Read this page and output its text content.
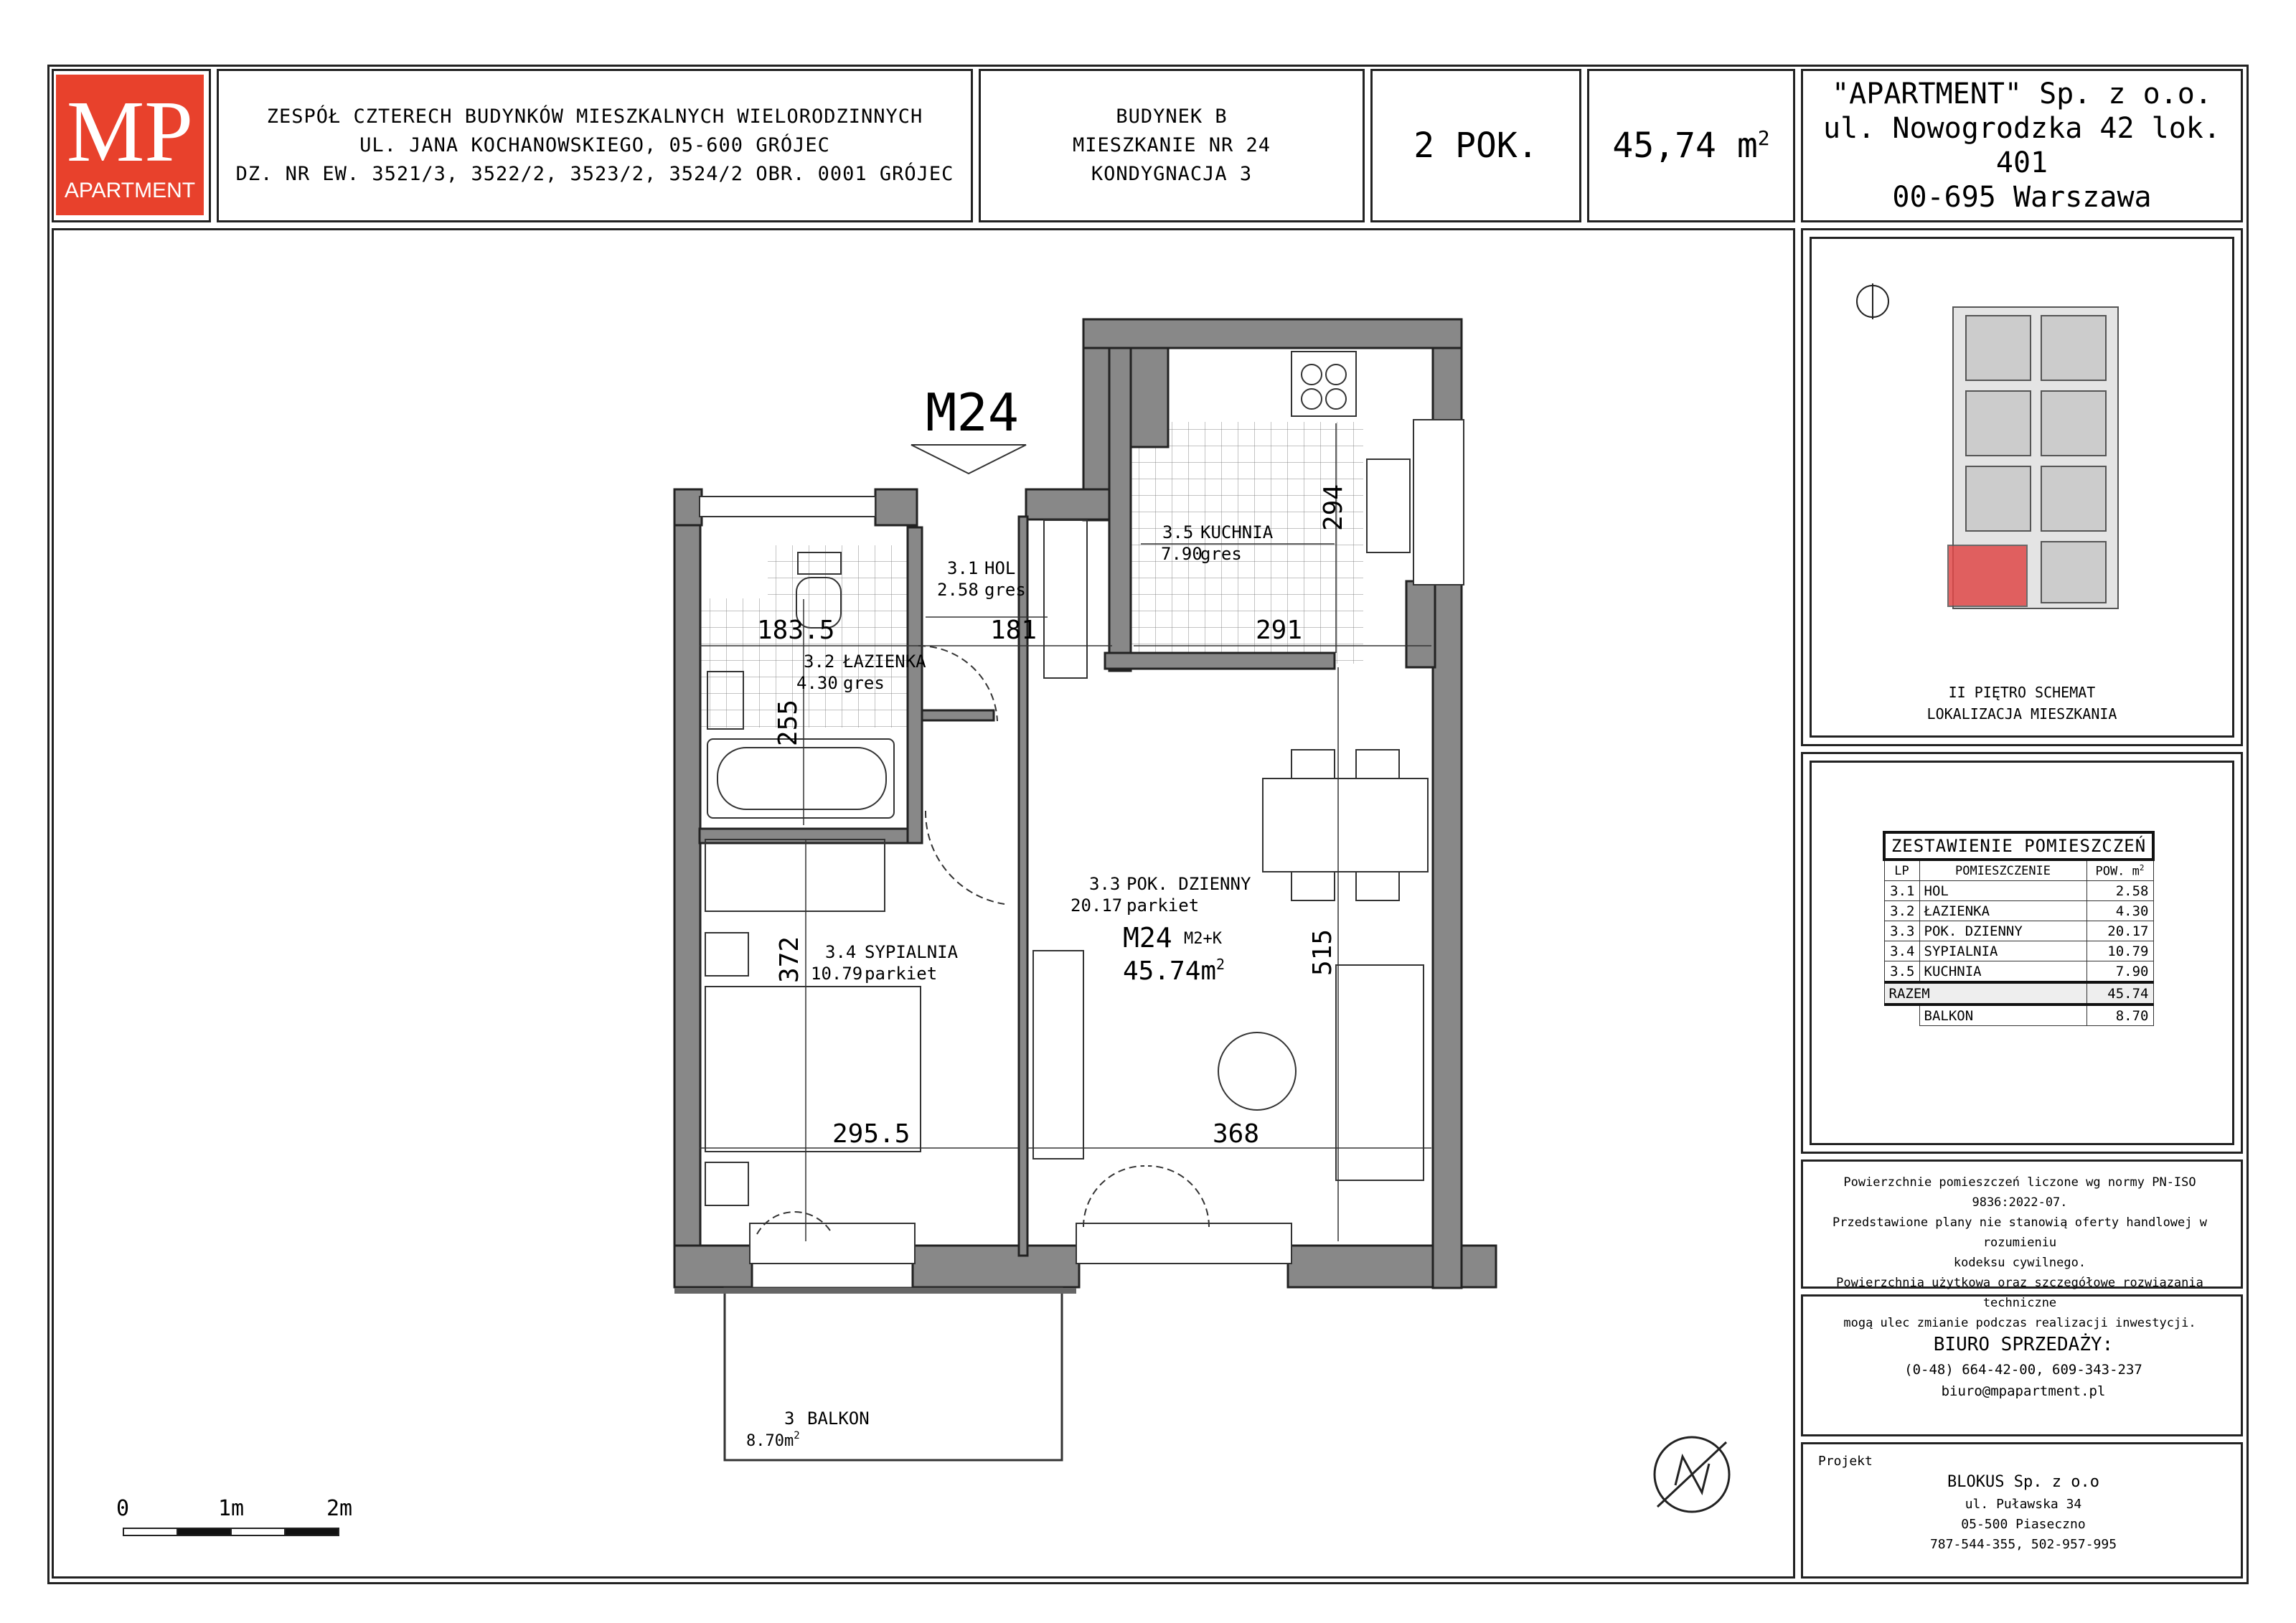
MP
APARTMENT
ZESPÓŁ CZTERECH BUDYNKÓW MIESZKALNYCH WIELORODZINNYCH
UL. JANA KOCHANOWSKIEGO, 05-600 GRÓJEC
DZ. NR EW. 3521/3, 3522/2, 3523/2, 3524/2 OBR. 0001 GRÓJEC
BUDYNEK B
MIESZKANIE NR 24
KONDYGNACJA 3
2 POK. 45,74 $m^2$
"APARTMENT" Sp. z o.o.
ul. Nowogrodzka 42 lok. 401
00-695 Warszawa
M24
3.1 HOL
2.58 gres
3.2 ŁAZIENKA
4.30 gres
3.3 POK. DZIENNY
20.17 parkiet
3.4 SYPIALNIA
10.79 parkiet
3.5 KUCHNIA
7.90
gres
3 BALKON
$8.70m^2$
M24 M2+K
$45.74m^2$
183.5	181	291
295.5	368
294
255
372	515
0	1m	2m
II PIĘTRO SCHEMAT
LOKALIZACJA MIESZKANIA
ZESTAWIENIE POMIESZCZEŃ		
LP	POMIESZCZENIE	POW. $m^2$
3.1	HOL	2.58
3.2	ŁAZIENKA	4.30
3.3	POK. DZIENNY	20.17
3.4	SYPIALNIA	10.79
3.5	KUCHNIA	7.90
RAZEM		45.74
	BALKON	8.70
Powierzchnie pomieszczeń liczone wg normy PN-ISO 9836:2022-07.
Przedstawione plany nie stanowią oferty handlowej w rozumieniu
kodeksu cywilnego.
Powierzchnia użytkowa oraz szczegółowe rozwiązania techniczne
mogą ulec zmianie podczas realizacji inwestycji.
BIURO SPRZEDAŻY:
(0-48) 664-42-00, 609-343-237
biuro@mpapartment.pl
Projekt
BLOKUS Sp. z o.o
ul. Puławska 34
05-500 Piaseczno
787-544-355, 502-957-995
